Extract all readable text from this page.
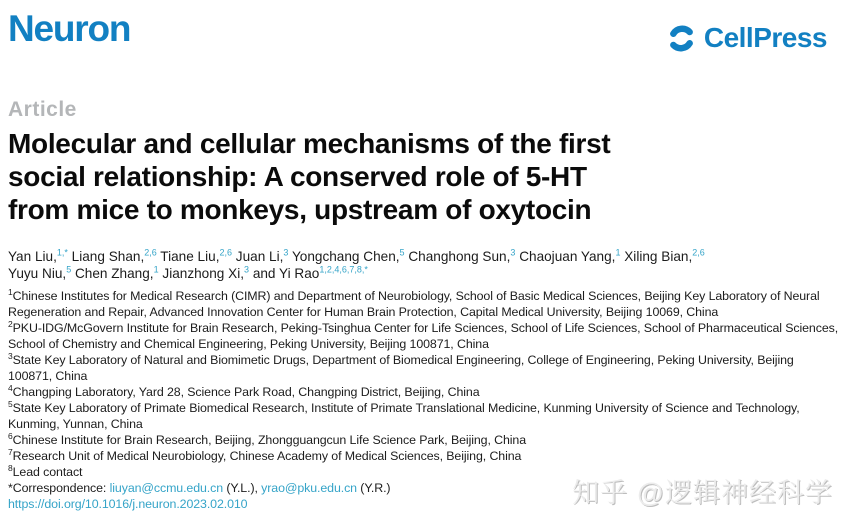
Neuron	CellPress
Article
Molecular and cellular mechanisms of the first
social relationship: A conserved role of 5-HT
from mice to monkeys, upstream of oxytocin
Yan Liu,$^{1,*}$ Liang Shan,$^{2,6}$ Tiane Liu,$^{2,6}$ Juan Li,$^3$ Yongchang Chen,$^5$ Changhong Sun,$^3$ Chaojuan Yang,$^1$ Xiling Bian,$^{2,6}$
Yuyu Niu,$^5$ Chen Zhang,$^1$ Jianzhong Xi,$^3$ and Yi Rao$^{1,2,4,6,7,8,*}$
$^1$Chinese Institutes for Medical Research (CIMR) and Department of Neurobiology, School of Basic Medical Sciences, Beijing Key Laboratory of Neural Regeneration and Repair, Advanced Innovation Center for Human Brain Protection, Capital Medical University, Beijing 10069, China
$^2$PKU-IDG/McGovern Institute for Brain Research, Peking-Tsinghua Center for Life Sciences, School of Life Sciences, School of Pharmaceutical Sciences, School of Chemistry and Chemical Engineering, Peking University, Beijing 100871, China
$^3$State Key Laboratory of Natural and Biomimetic Drugs, Department of Biomedical Engineering, College of Engineering, Peking University, Beijing 100871, China
$^4$Changping Laboratory, Yard 28, Science Park Road, Changping District, Beijing, China
$^5$State Key Laboratory of Primate Biomedical Research, Institute of Primate Translational Medicine, Kunming University of Science and Technology, Kunming, Yunnan, China
$^6$Chinese Institute for Brain Research, Beijing, Zhongguangcun Life Science Park, Beijing, China
$^7$Research Unit of Medical Neurobiology, Chinese Academy of Medical Sciences, Beijing, China
$^8$Lead contact
*Correspondence: liuyan@ccmu.edu.cn (Y.L.), yrao@pku.edu.cn (Y.R.)
https://doi.org/10.1016/j.neuron.2023.02.010	知乎 @逻辑神经科学
